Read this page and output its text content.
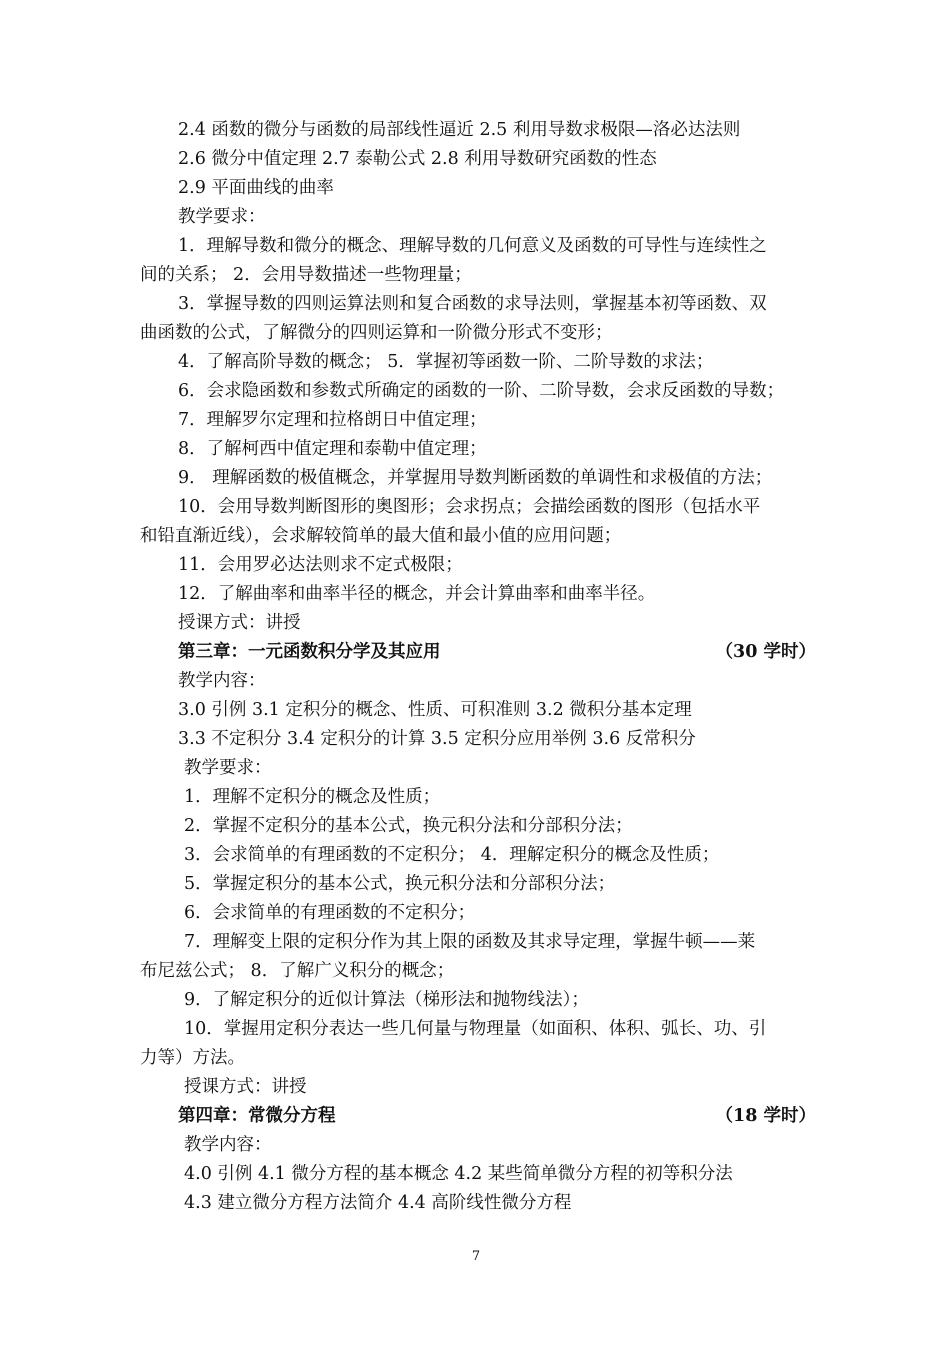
2.4 函数的微分与函数的局部线性逼近 2.5 利用导数求极限—洛必达法则
2.6 微分中值定理 2.7 泰勒公式 2.8 利用导数研究函数的性态
2.9 平面曲线的曲率
教学要求：
1．理解导数和微分的概念、理解导数的几何意义及函数的可导性与连续性之
间的关系； 2．会用导数描述一些物理量；
3．掌握导数的四则运算法则和复合函数的求导法则，掌握基本初等函数、双
曲函数的公式，了解微分的四则运算和一阶微分形式不变形；
4．了解高阶导数的概念； 5．掌握初等函数一阶、二阶导数的求法；
6．会求隐函数和参数式所确定的函数的一阶、二阶导数，会求反函数的导数；
7．理解罗尔定理和拉格朗日中值定理；
8．了解柯西中值定理和泰勒中值定理；
9． 理解函数的极值概念，并掌握用导数判断函数的单调性和求极值的方法；
10．会用导数判断图形的奥图形；会求拐点；会描绘函数的图形（包括水平
和铅直渐近线），会求解较简单的最大值和最小值的应用问题；
11．会用罗必达法则求不定式极限；
12．了解曲率和曲率半径的概念，并会计算曲率和曲率半径。
授课方式：讲授
第三章：一元函数积分学及其应用	（30 学时）
教学内容：
3.0 引例 3.1 定积分的概念、性质、可积准则 3.2 微积分基本定理
3.3 不定积分 3.4 定积分的计算 3.5 定积分应用举例 3.6 反常积分
教学要求：
1．理解不定积分的概念及性质；
2．掌握不定积分的基本公式，换元积分法和分部积分法；
3．会求简单的有理函数的不定积分； 4．理解定积分的概念及性质；
5．掌握定积分的基本公式，换元积分法和分部积分法；
6．会求简单的有理函数的不定积分；
7．理解变上限的定积分作为其上限的函数及其求导定理，掌握牛顿——莱
布尼兹公式； 8．了解广义积分的概念；
9．了解定积分的近似计算法（梯形法和抛物线法）；
10．掌握用定积分表达一些几何量与物理量（如面积、体积、弧长、功、引
力等）方法。
授课方式：讲授
第四章：常微分方程	（18 学时）
教学内容：
4.0 引例 4.1 微分方程的基本概念 4.2 某些简单微分方程的初等积分法
4.3 建立微分方程方法简介 4.4 高阶线性微分方程
7
